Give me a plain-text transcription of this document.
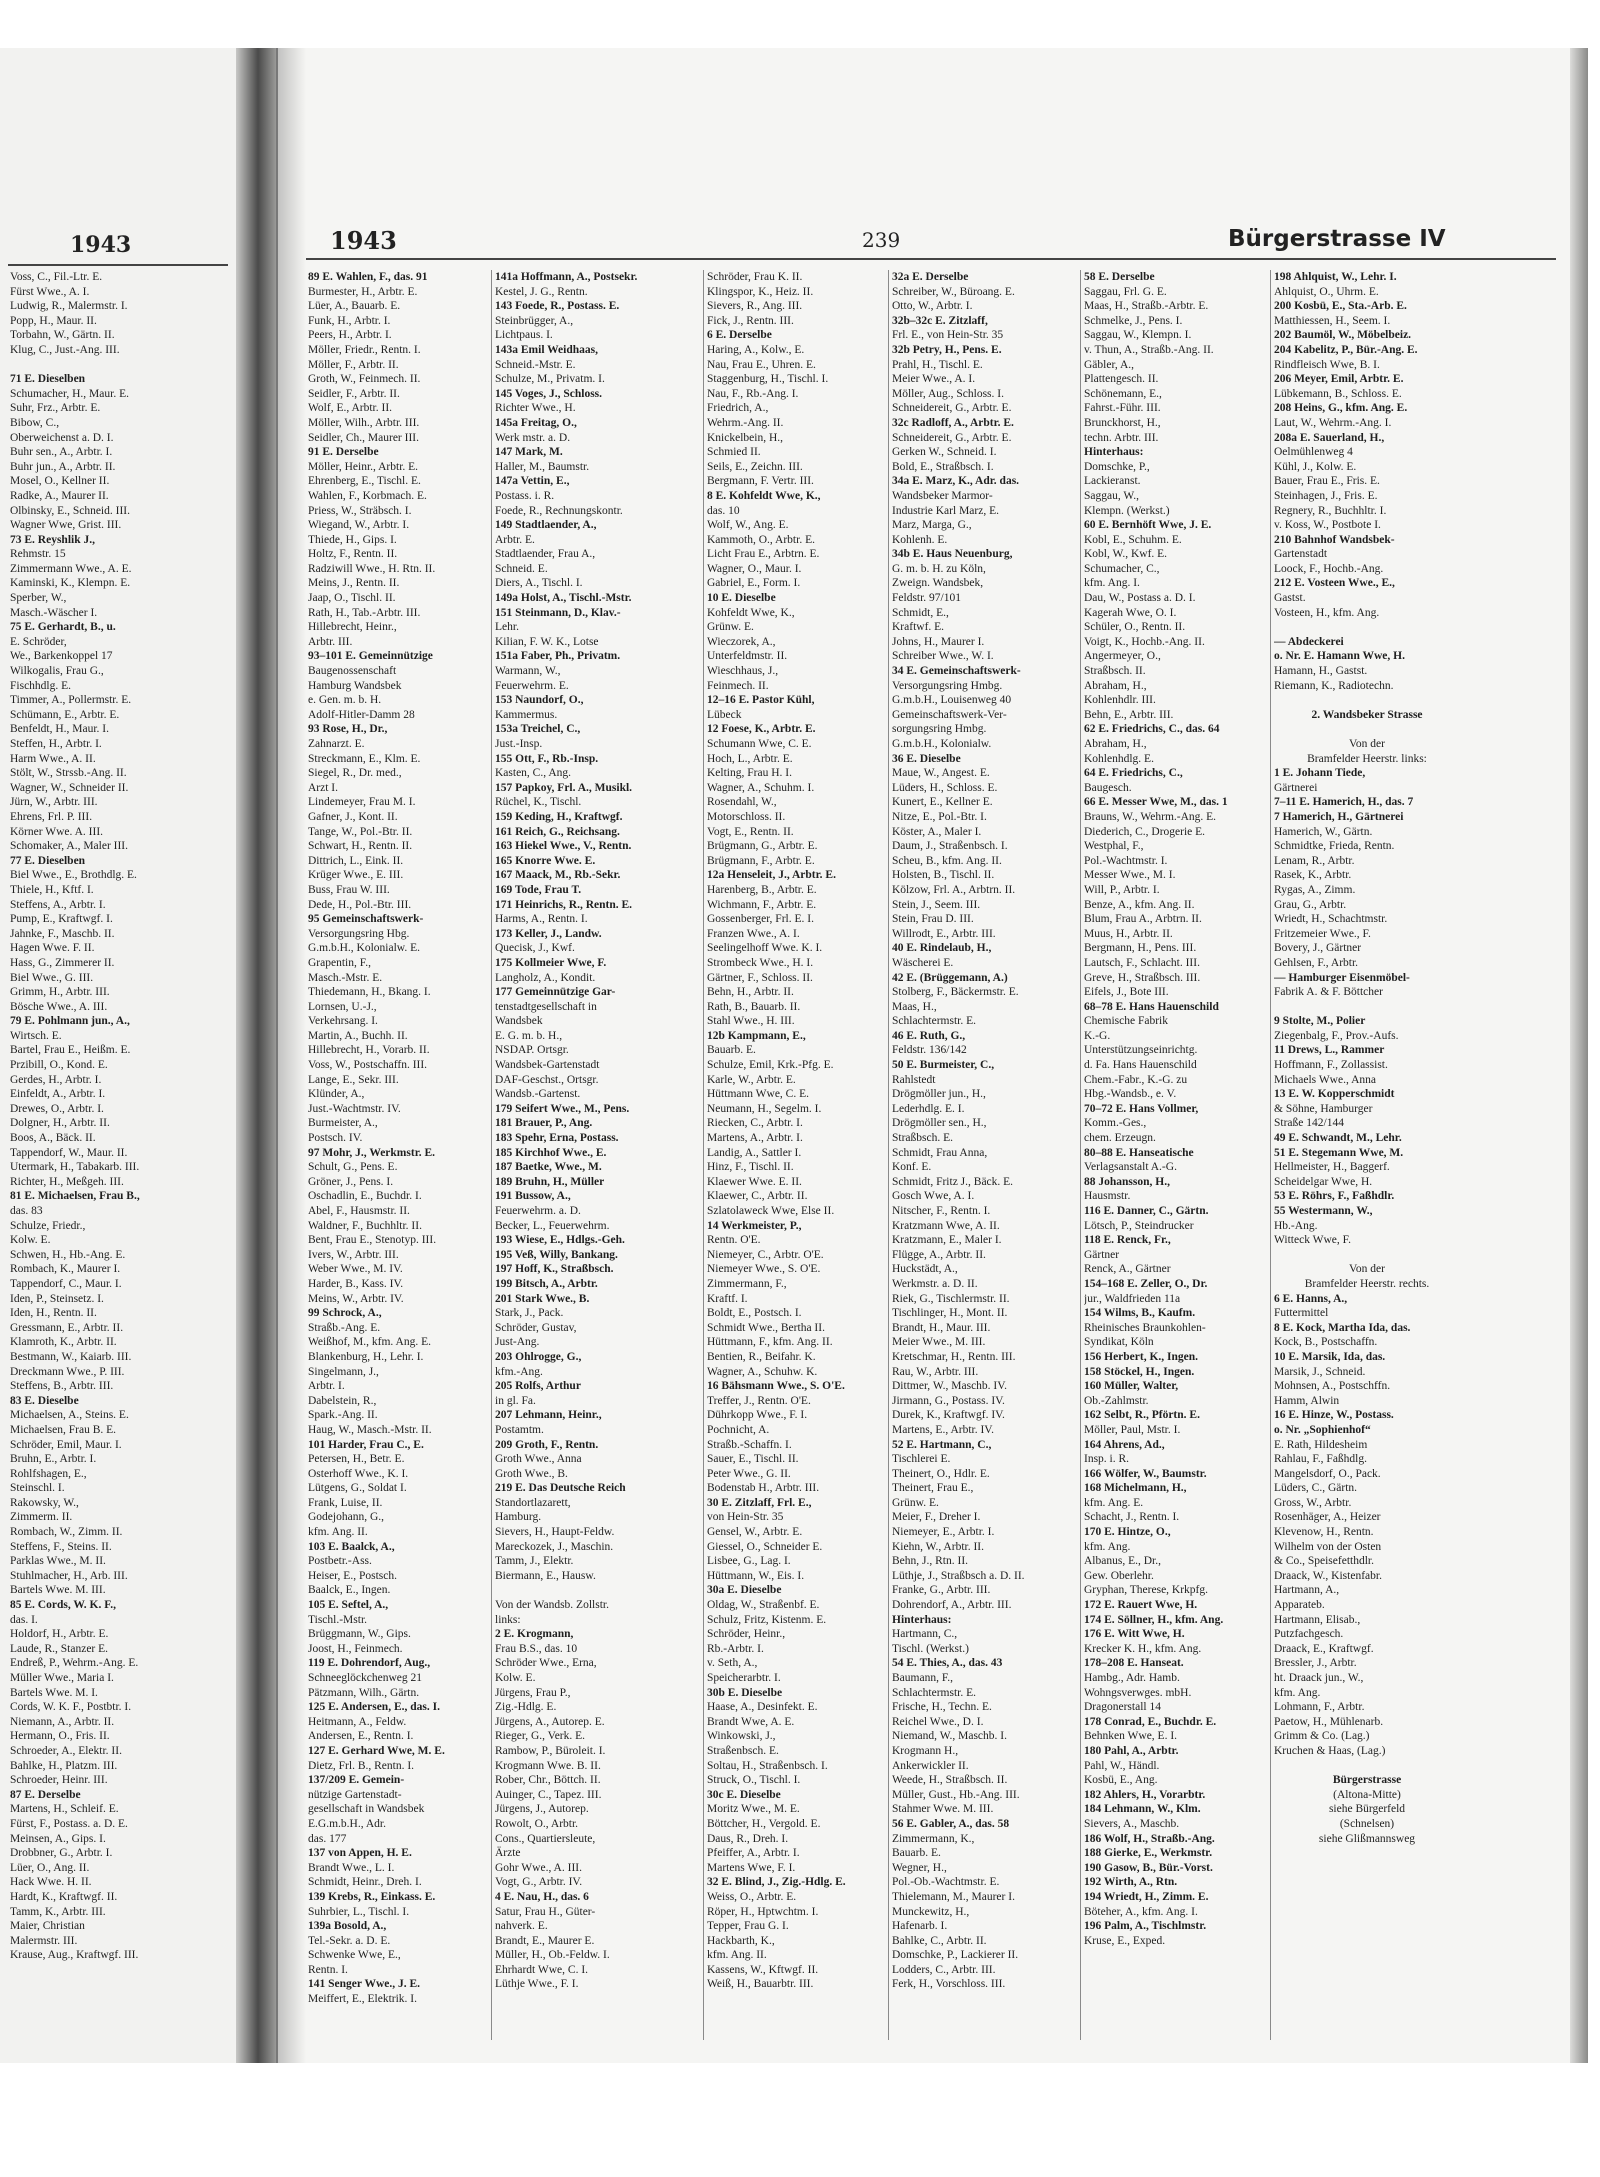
1943
Voss, C., Fil.-Ltr. E.
Fürst Wwe., A. I.
Ludwig, R., Malermstr. I.
Popp, H., Maur. II.
Torbahn, W., Gärtn. II.
Klug, C., Just.-Ang. III.

71 E. Dieselben
Schumacher, H., Maur. E.
Suhr, Frz., Arbtr. E.
Bibow, C.,
Oberweichenst a. D. I.
Buhr sen., A., Arbtr. I.
Buhr jun., A., Arbtr. II.
Mosel, O., Kellner II.
Radke, A., Maurer II.
Olbinsky, E., Schneid. III.
Wagner Wwe, Grist. III.
73 E. Reyshlik J.,
Rehmstr. 15
Zimmermann Wwe., A. E.
Kaminski, K., Klempn. E.
Sperber, W.,
Masch.-Wäscher I.
75 E. Gerhardt, B., u.
E. Schröder,
We., Barkenkoppel 17
Wilkogalis, Frau G.,
Fischhdlg. E.
Timmer, A., Pollermstr. E.
Schümann, E., Arbtr. E.
Benfeldt, H., Maur. I.
Steffen, H., Arbtr. I.
Harm Wwe., A. II.
Stölt, W., Strssb.-Ang. II.
Wagner, W., Schneider II.
Jürn, W., Arbtr. III.
Ehrens, Frl. P. III.
Körner Wwe. A. III.
Schomaker, A., Maler III.
77 E. Dieselben
Biel Wwe., E., Brothdlg. E.
Thiele, H., Kftf. I.
Steffens, A., Arbtr. I.
Pump, E., Kraftwgf. I.
Jahnke, F., Maschb. II.
Hagen Wwe. F. II.
Hass, G., Zimmerer II.
Biel Wwe., G. III.
Grimm, H., Arbtr. III.
Bösche Wwe., A. III.
79 E. Pohlmann jun., A.,
Wirtsch. E.
Bartel, Frau E., Heißm. E.
Przibill, O., Kond. E.
Gerdes, H., Arbtr. I.
Einfeldt, A., Arbtr. I.
Drewes, O., Arbtr. I.
Dolgner, H., Arbtr. II.
Boos, A., Bäck. II.
Tappendorf, W., Maur. II.
Utermark, H., Tabakarb. III.
Richter, H., Meßgeh. III.
81 E. Michaelsen, Frau B.,
das. 83
Schulze, Friedr.,
Kolw. E.
Schwen, H., Hb.-Ang. E.
Rombach, K., Maurer I.
Tappendorf, C., Maur. I.
Iden, P., Steinsetz. I.
Iden, H., Rentn. II.
Gressmann, E., Arbtr. II.
Klamroth, K., Arbtr. II.
Bestmann, W., Kaiarb. III.
Dreckmann Wwe., P. III.
Steffens, B., Arbtr. III.
83 E. Dieselbe
Michaelsen, A., Steins. E.
Michaelsen, Frau B. E.
Schröder, Emil, Maur. I.
Bruhn, E., Arbtr. I.
Rohlfshagen, E.,
Steinschl. I.
Rakowsky, W.,
Zimmerm. II.
Rombach, W., Zimm. II.
Steffens, F., Steins. II.
Parklas Wwe., M. II.
Stuhlmacher, H., Arb. III.
Bartels Wwe. M. III.
85 E. Cords, W. K. F.,
das. I.
Holdorf, H., Arbtr. E.
Laude, R., Stanzer E.
Endreß, P., Wehrm.-Ang. E.
Müller Wwe., Maria I.
Bartels Wwe. M. I.
Cords, W. K. F., Postbtr. I.
Niemann, A., Arbtr. II.
Hermann, O., Fris. II.
Schroeder, A., Elektr. II.
Bahlke, H., Platzm. III.
Schroeder, Heinr. III.
87 E. Derselbe
Martens, H., Schleif. E.
Fürst, F., Postass. a. D. E.
Meinsen, A., Gips. I.
Drobbner, G., Arbtr. I.
Lüer, O., Ang. II.
Hack Wwe. H. II.
Hardt, K., Kraftwgf. II.
Tamm, K., Arbtr. III.
Maier, Christian
Malermstr. III.
Krause, Aug., Kraftwgf. III.
1943	239	Bürgerstrasse IV
89 E. Wahlen, F., das. 91
Burmester, H., Arbtr. E.
Lüer, A., Bauarb. E.
Funk, H., Arbtr. I.
Peers, H., Arbtr. I.
Möller, Friedr., Rentn. I.
Möller, F., Arbtr. II.
Groth, W., Feinmech. II.
Seidler, F., Arbtr. II.
Wolf, E., Arbtr. II.
Möller, Wilh., Arbtr. III.
Seidler, Ch., Maurer III.
91 E. Derselbe
Möller, Heinr., Arbtr. E.
Ehrenberg, E., Tischl. E.
Wahlen, F., Korbmach. E.
Priess, W., Sträbsch. I.
Wiegand, W., Arbtr. I.
Thiede, H., Gips. I.
Holtz, F., Rentn. II.
Radziwill Wwe., H. Rtn. II.
Meins, J., Rentn. II.
Jaap, O., Tischl. II.
Rath, H., Tab.-Arbtr. III.
Hillebrecht, Heinr.,
Arbtr. III.
93–101 E. Gemeinnützige
Baugenossenschaft
Hamburg Wandsbek
e. Gen. m. b. H.
Adolf-Hitler-Damm 28
93 Rose, H., Dr.,
Zahnarzt. E.
Streckmann, E., Klm. E.
Siegel, R., Dr. med.,
Arzt I.
Lindemeyer, Frau M. I.
Gafner, J., Kont. II.
Tange, W., Pol.-Btr. II.
Schwart, H., Rentn. II.
Dittrich, L., Eink. II.
Krüger Wwe., E. III.
Buss, Frau W. III.
Dede, H., Pol.-Btr. III.
95 Gemeinschaftswerk-
Versorgungsring Hbg.
G.m.b.H., Kolonialw. E.
Grapentin, F.,
Masch.-Mstr. E.
Thiedemann, H., Bkang. I.
Lornsen, U.-J.,
Verkehrsang. I.
Martin, A., Buchh. II.
Hillebrecht, H., Vorarb. II.
Voss, W., Postschaffn. III.
Lange, E., Sekr. III.
Klünder, A.,
Just.-Wachtmstr. IV.
Burmeister, A.,
Postsch. IV.
97 Mohr, J., Werkmstr. E.
Schult, G., Pens. E.
Gröner, J., Pens. I.
Oschadlin, E., Buchdr. I.
Abel, F., Hausmstr. II.
Waldner, F., Buchhltr. II.
Bent, Frau E., Stenotyp. III.
Ivers, W., Arbtr. III.
Weber Wwe., M. IV.
Harder, B., Kass. IV.
Meins, W., Arbtr. IV.
99 Schrock, A.,
Straßb.-Ang. E.
Weißhof, M., kfm. Ang. E.
Blankenburg, H., Lehr. I.
Singelmann, J.,
Arbtr. I.
Dabelstein, R.,
Spark.-Ang. II.
Haug, W., Masch.-Mstr. II.
101 Harder, Frau C., E.
Petersen, H., Betr. E.
Osterhoff Wwe., K. I.
Lütgens, G., Soldat I.
Frank, Luise, II.
Godejohann, G.,
kfm. Ang. II.
103 E. Baalck, A.,
Postbetr.-Ass.
Heiser, E., Postsch.
Baalck, E., Ingen.
105 E. Seftel, A.,
Tischl.-Mstr.
Brüggmann, W., Gips.
Joost, H., Feinmech.
119 E. Dohrendorf, Aug.,
Schneeglöckchenweg 21
Pätzmann, Wilh., Gärtn.
125 E. Andersen, E., das. I.
Heitmann, A., Feldw.
Andersen, E., Rentn. I.
127 E. Gerhard Wwe, M. E.
Dietz, Frl. B., Rentn. I.
137/209 E. Gemein-
nützige Gartenstadt-
gesellschaft in Wandsbek
E.G.m.b.H., Adr.
das. 177
137 von Appen, H. E.
Brandt Wwe., L. I.
Schmidt, Heinr., Dreh. I.
139 Krebs, R., Einkass. E.
Suhrbier, L., Tischl. I.
139a Bosold, A.,
Tel.-Sekr. a. D. E.
Schwenke Wwe, E.,
Rentn. I.
141 Senger Wwe., J. E.
Meiffert, E., Elektrik. I.
141a Hoffmann, A., Postsekr.
Kestel, J. G., Rentn.
143 Foede, R., Postass. E.
Steinbrügger, A.,
Lichtpaus. I.
143a Emil Weidhaas,
Schneid.-Mstr. E.
Schulze, M., Privatm. I.
145 Voges, J., Schloss.
Richter Wwe., H.
145a Freitag, O.,
Werk mstr. a. D.
147 Mark, M.
Haller, M., Baumstr.
147a Vettin, E.,
Postass. i. R.
Foede, R., Rechnungskontr.
149 Stadtlaender, A.,
Arbtr. E.
Stadtlaender, Frau A.,
Schneid. E.
Diers, A., Tischl. I.
149a Holst, A., Tischl.-Mstr.
151 Steinmann, D., Klav.-
Lehr.
Kilian, F. W. K., Lotse
151a Faber, Ph., Privatm.
Warmann, W.,
Feuerwehrm. E.
153 Naundorf, O.,
Kammermus.
153a Treichel, C.,
Just.-Insp.
155 Ott, F., Rb.-Insp.
Kasten, C., Ang.
157 Papkoy, Frl. A., Musikl.
Rüchel, K., Tischl.
159 Keding, H., Kraftwgf.
161 Reich, G., Reichsang.
163 Hiekel Wwe., V., Rentn.
165 Knorre Wwe. E.
167 Maack, M., Rb.-Sekr.
169 Tode, Frau T.
171 Heinrichs, R., Rentn. E.
Harms, A., Rentn. I.
173 Keller, J., Landw.
Quecisk, J., Kwf.
175 Kollmeier Wwe, F.
Langholz, A., Kondit.
177 Gemeinnützige Gar-
tenstadtgesellschaft in
Wandsbek
E. G. m. b. H.,
NSDAP. Ortsgr.
Wandsbek-Gartenstadt
DAF-Geschst., Ortsgr.
Wandsb.-Gartenst.
179 Seifert Wwe., M., Pens.
181 Brauer, P., Ang.
183 Spehr, Erna, Postass.
185 Kirchhof Wwe., E.
187 Baetke, Wwe., M.
189 Bruhn, H., Müller
191 Bussow, A.,
Feuerwehrm. a. D.
Becker, L., Feuerwehrm.
193 Wiese, E., Hdlgs.-Geh.
195 Veß, Willy, Bankang.
197 Hoff, K., Straßbsch.
199 Bitsch, A., Arbtr.
201 Stark Wwe., B.
Stark, J., Pack.
Schröder, Gustav,
Just-Ang.
203 Ohlrogge, G.,
kfm.-Ang.
205 Rolfs, Arthur
in gl. Fa.
207 Lehmann, Heinr.,
Postamtm.
209 Groth, F., Rentn.
Groth Wwe., Anna
Groth Wwe., B.
219 E. Das Deutsche Reich
Standortlazarett,
Hamburg.
Sievers, H., Haupt-Feldw.
Mareckozek, J., Maschin.
Tamm, J., Elektr.
Biermann, E., Hausw.

Von der Wandsb. Zollstr.
links:
2 E. Krogmann,
Frau B.S., das. 10
Schröder Wwe., Erna,
Kolw. E.
Jürgens, Frau P.,
Zig.-Hdlg. E.
Jürgens, A., Autorep. E.
Rieger, G., Verk. E.
Rambow, P., Büroleit. I.
Krogmann Wwe. B. II.
Rober, Chr., Böttch. II.
Auinger, C., Tapez. III.
Jürgens, J., Autorep.
Rowolt, O., Arbtr.
Cons., Quartiersleute,
Ärzte
Gohr Wwe., A. III.
Vogt, G., Arbtr. IV.
4 E. Nau, H., das. 6
Satur, Frau H., Güter-
nahverk. E.
Brandt, E., Maurer E.
Müller, H., Ob.-Feldw. I.
Ehrhardt Wwe, C. I.
Lüthje Wwe., F. I.
Schröder, Frau K. II.
Klingspor, K., Heiz. II.
Sievers, R., Ang. III.
Fick, J., Rentn. III.
6 E. Derselbe
Haring, A., Kolw., E.
Nau, Frau E., Uhren. E.
Staggenburg, H., Tischl. I.
Nau, F., Rb.-Ang. I.
Friedrich, A.,
Wehrm.-Ang. II.
Knickelbein, H.,
Schmied II.
Seils, E., Zeichn. III.
Bergmann, F. Vertr. III.
8 E. Kohfeldt Wwe, K.,
das. 10
Wolf, W., Ang. E.
Kammoth, O., Arbtr. E.
Licht Frau E., Arbtrn. E.
Wagner, O., Maur. I.
Gabriel, E., Form. I.
10 E. Dieselbe
Kohfeldt Wwe, K.,
Grünw. E.
Wieczorek, A.,
Unterfeldmstr. II.
Wieschhaus, J.,
Feinmech. II.
12–16 E. Pastor Kühl,
Lübeck
12 Foese, K., Arbtr. E.
Schumann Wwe, C. E.
Hoch, L., Arbtr. E.
Kelting, Frau H. I.
Wagner, A., Schuhm. I.
Rosendahl, W.,
Motorschloss. II.
Vogt, E., Rentn. II.
Brügmann, G., Arbtr. E.
Brügmann, F., Arbtr. E.
12a Henseleit, J., Arbtr. E.
Harenberg, B., Arbtr. E.
Wichmann, F., Arbtr. E.
Gossenberger, Frl. E. I.
Franzen Wwe., A. I.
Seelingelhoff Wwe. K. I.
Strombeck Wwe., H. I.
Gärtner, F., Schloss. II.
Behn, H., Arbtr. II.
Rath, B., Bauarb. II.
Stahl Wwe., H. III.
12b Kampmann, E.,
Bauarb. E.
Schulze, Emil, Krk.-Pfg. E.
Karle, W., Arbtr. E.
Hüttmann Wwe, C. E.
Neumann, H., Segelm. I.
Riecken, C., Arbtr. I.
Martens, A., Arbtr. I.
Landig, A., Sattler I.
Hinz, F., Tischl. II.
Klaewer Wwe. E. II.
Klaewer, C., Arbtr. II.
Szlatolaweck Wwe, Else II.
14 Werkmeister, P.,
Rentn. O'E.
Niemeyer, C., Arbtr. O'E.
Niemeyer Wwe., S. O'E.
Zimmermann, F.,
Kraftf. I.
Boldt, E., Postsch. I.
Schmidt Wwe., Bertha II.
Hüttmann, F., kfm. Ang. II.
Bentien, R., Beifahr. K.
Wagner, A., Schuhw. K.
16 Bähsmann Wwe., S. O'E.
Treffer, J., Rentn. O'E.
Dührkopp Wwe., F. I.
Pochnicht, A.
Straßb.-Schaffn. I.
Sauer, E., Tischl. II.
Peter Wwe., G. II.
Bodenstab H., Arbtr. III.
30 E. Zitzlaff, Frl. E.,
von Hein-Str. 35
Gensel, W., Arbtr. E.
Giessel, O., Schneider E.
Lisbee, G., Lag. I.
Hüttmann, W., Eis. I.
30a E. Dieselbe
Oldag, W., Straßenbf. E.
Schulz, Fritz, Kistenm. E.
Schröder, Heinr.,
Rb.-Arbtr. I.
v. Seth, A.,
Speicherarbtr. I.
30b E. Dieselbe
Haase, A., Desinfekt. E.
Brandt Wwe, A. E.
Winkowski, J.,
Straßenbsch. E.
Soltau, H., Straßenbsch. I.
Struck, O., Tischl. I.
30c E. Dieselbe
Moritz Wwe., M. E.
Böttcher, H., Vergold. E.
Daus, R., Dreh. I.
Pfeiffer, A., Arbtr. I.
Martens Wwe, F. I.
32 E. Blind, J., Zig.-Hdlg. E.
Weiss, O., Arbtr. E.
Röper, H., Hptwchtm. I.
Tepper, Frau G. I.
Hackbarth, K.,
kfm. Ang. II.
Kassens, W., Kftwgf. II.
Weiß, H., Bauarbtr. III.
32a E. Derselbe
Schreiber, W., Büroang. E.
Otto, W., Arbtr. I.
32b–32c E. Zitzlaff,
Frl. E., von Hein-Str. 35
32b Petry, H., Pens. E.
Prahl, H., Tischl. E.
Meier Wwe., A. I.
Möller, Aug., Schloss. I.
Schneidereit, G., Arbtr. E.
32c Radloff, A., Arbtr. E.
Schneidereit, G., Arbtr. E.
Gerken W., Schneid. I.
Bold, E., Straßbsch. I.
34a E. Marz, K., Adr. das.
Wandsbeker Marmor-
Industrie Karl Marz, E.
Marz, Marga, G.,
Kohlenh. E.
34b E. Haus Neuenburg,
G. m. b. H. zu Köln,
Zweign. Wandsbek,
Feldstr. 97/101
Schmidt, E.,
Kraftwf. E.
Johns, H., Maurer I.
Schreiber Wwe., W. I.
34 E. Gemeinschaftswerk-
Versorgungsring Hmbg.
G.m.b.H., Louisenweg 40
Gemeinschaftswerk-Ver-
sorgungsring Hmbg.
G.m.b.H., Kolonialw.
36 E. Dieselbe
Maue, W., Angest. E.
Lüders, H., Schloss. E.
Kunert, E., Kellner E.
Nitze, E., Pol.-Btr. I.
Köster, A., Maler I.
Daum, J., Straßenbsch. I.
Scheu, B., kfm. Ang. II.
Holsten, B., Tischl. II.
Kölzow, Frl. A., Arbtrn. II.
Stein, J., Seem. III.
Stein, Frau D. III.
Willrodt, E., Arbtr. III.
40 E. Rindelaub, H.,
Wäscherei E.
42 E. (Brüggemann, A.)
Stolberg, F., Bäckermstr. E.
Maas, H.,
Schlachtermstr. E.
46 E. Ruth, G.,
Feldstr. 136/142
50 E. Burmeister, C.,
Rahlstedt
Drögmöller jun., H.,
Lederhdlg. E. I.
Drögmöller sen., H.,
Straßbsch. E.
Schmidt, Frau Anna,
Konf. E.
Schmidt, Fritz J., Bäck. E.
Gosch Wwe, A. I.
Nitscher, F., Rentn. I.
Kratzmann Wwe, A. II.
Kratzmann, E., Maler I.
Flügge, A., Arbtr. II.
Huckstädt, A.,
Werkmstr. a. D. II.
Riek, G., Tischlermstr. II.
Tischlinger, H., Mont. II.
Brandt, H., Maur. III.
Meier Wwe., M. III.
Kretschmar, H., Rentn. III.
Rau, W., Arbtr. III.
Dittmer, W., Maschb. IV.
Jirmann, G., Postass. IV.
Durek, K., Kraftwgf. IV.
Martens, E., Arbtr. IV.
52 E. Hartmann, C.,
Tischlerei E.
Theinert, O., Hdlr. E.
Theinert, Frau E.,
Grünw. E.
Meier, F., Dreher I.
Niemeyer, E., Arbtr. I.
Kiehn, W., Arbtr. II.
Behn, J., Rtn. II.
Lüthje, J., Straßbsch a. D. II.
Franke, G., Arbtr. III.
Dohrendorf, A., Arbtr. III.
Hinterhaus:
Hartmann, C.,
Tischl. (Werkst.)
54 E. Thies, A., das. 43
Baumann, F.,
Schlachtermstr. E.
Frische, H., Techn. E.
Reichel Wwe., D. I.
Niemand, W., Maschb. I.
Krogmann H.,
Ankerwickler II.
Weede, H., Straßbsch. II.
Müller, Gust., Hb.-Ang. III.
Stahmer Wwe. M. III.
56 E. Gabler, A., das. 58
Zimmermann, K.,
Bauarb. E.
Wegner, H.,
Pol.-Ob.-Wachtmstr. E.
Thielemann, M., Maurer I.
Munckewitz, H.,
Hafenarb. I.
Bahlke, C., Arbtr. II.
Domschke, P., Lackierer II.
Lodders, C., Arbtr. III.
Ferk, H., Vorschloss. III.
58 E. Derselbe
Saggau, Frl. G. E.
Maas, H., Straßb.-Arbtr. E.
Schmelke, J., Pens. I.
Saggau, W., Klempn. I.
v. Thun, A., Straßb.-Ang. II.
Gäbler, A.,
Plattengesch. II.
Schönemann, E.,
Fahrst.-Führ. III.
Brunckhorst, H.,
techn. Arbtr. III.
Hinterhaus:
Domschke, P.,
Lackieranst.
Saggau, W.,
Klempn. (Werkst.)
60 E. Bernhöft Wwe, J. E.
Kobl, E., Schuhm. E.
Kobl, W., Kwf. E.
Schumacher, C.,
kfm. Ang. I.
Dau, W., Postass a. D. I.
Kagerah Wwe, O. I.
Schüler, O., Rentn. II.
Voigt, K., Hochb.-Ang. II.
Angermeyer, O.,
Straßbsch. II.
Abraham, H.,
Kohlenhdlr. III.
Behn, E., Arbtr. III.
62 E. Friedrichs, C., das. 64
Abraham, H.,
Kohlenhdlg. E.
64 E. Friedrichs, C.,
Baugesch.
66 E. Messer Wwe, M., das. 1
Brauns, W., Wehrm.-Ang. E.
Diederich, C., Drogerie E.
Westphal, F.,
Pol.-Wachtmstr. I.
Messer Wwe., M. I.
Will, P., Arbtr. I.
Benze, A., kfm. Ang. II.
Blum, Frau A., Arbtrn. II.
Muus, H., Arbtr. II.
Bergmann, H., Pens. III.
Lautsch, F., Schlacht. III.
Greve, H., Straßbsch. III.
Eifels, J., Bote III.
68–78 E. Hans Hauenschild
Chemische Fabrik
K.-G.
Unterstützungseinrichtg.
d. Fa. Hans Hauenschild
Chem.-Fabr., K.-G. zu
Hbg.-Wandsb., e. V.
70–72 E. Hans Vollmer,
Komm.-Ges.,
chem. Erzeugn.
80–88 E. Hanseatische
Verlagsanstalt A.-G.
88 Johansson, H.,
Hausmstr.
116 E. Danner, C., Gärtn.
Lötsch, P., Steindrucker
118 E. Renck, Fr.,
Gärtner
Renck, A., Gärtner
154–168 E. Zeller, O., Dr.
jur., Waldfrieden 11a
154 Wilms, B., Kaufm.
Rheinisches Braunkohlen-
Syndikat, Köln
156 Herbert, K., Ingen.
158 Stöckel, H., Ingen.
160 Müller, Walter,
Ob.-Zahlmstr.
162 Selbt, R., Pförtn. E.
Möller, Paul, Mstr. I.
164 Ahrens, Ad.,
Insp. i. R.
166 Wölfer, W., Baumstr.
168 Michelmann, H.,
kfm. Ang. E.
Schacht, J., Rentn. I.
170 E. Hintze, O.,
kfm. Ang.
Albanus, E., Dr.,
Gew. Oberlehr.
Gryphan, Therese, Krkpfg.
172 E. Rauert Wwe, H.
174 E. Söllner, H., kfm. Ang.
176 E. Witt Wwe, H.
Krecker K. H., kfm. Ang.
178–208 E. Hanseat.
Hambg., Adr. Hamb.
Wohngsverwges. mbH.
Dragonerstall 14
178 Conrad, E., Buchdr. E.
Behnken Wwe, E. I.
180 Pahl, A., Arbtr.
Pahl, W., Händl.
Kosbü, E., Ang.
182 Ahlers, H., Vorarbtr.
184 Lehmann, W., Klm.
Sievers, A., Maschb.
186 Wolf, H., Straßb.-Ang.
188 Gierke, E., Werkmstr.
190 Gasow, B., Bür.-Vorst.
192 Wirth, A., Rtn.
194 Wriedt, H., Zimm. E.
Böteher, A., kfm. Ang. I.
196 Palm, A., Tischlmstr.
Kruse, E., Exped.
198 Ahlquist, W., Lehr. I.
Ahlquist, O., Uhrm. E.
200 Kosbü, E., Sta.-Arb. E.
Matthiessen, H., Seem. I.
202 Baumöl, W., Möbelbeiz.
204 Kabelitz, P., Bür.-Ang. E.
Rindfleisch Wwe, B. I.
206 Meyer, Emil, Arbtr. E.
Lübkemann, B., Schloss. E.
208 Heins, G., kfm. Ang. E.
Laut, W., Wehrm.-Ang. I.
208a E. Sauerland, H.,
Oelmühlenweg 4
Kühl, J., Kolw. E.
Bauer, Frau E., Fris. E.
Steinhagen, J., Fris. E.
Regnery, R., Buchhltr. I.
v. Koss, W., Postbote I.
210 Bahnhof Wandsbek-
Gartenstadt
Loock, F., Hochb.-Ang.
212 E. Vosteen Wwe., E.,
Gastst.
Vosteen, H., kfm. Ang.

— Abdeckerei
o. Nr. E. Hamann Wwe, H.
Hamann, H., Gastst.
Riemann, K., Radiotechn.

2. Wandsbeker Strasse

Von der
Bramfelder Heerstr. links:
1 E. Johann Tiede,
Gärtnerei
7–11 E. Hamerich, H., das. 7
7 Hamerich, H., Gärtnerei
Hamerich, W., Gärtn.
Schmidtke, Frieda, Rentn.
Lenam, R., Arbtr.
Rasek, K., Arbtr.
Rygas, A., Zimm.
Grau, G., Arbtr.
Wriedt, H., Schachtmstr.
Fritzemeier Wwe., F.
Bovery, J., Gärtner
Gehlsen, F., Arbtr.
— Hamburger Eisenmöbel-
Fabrik A. & F. Böttcher

9 Stolte, M., Polier
Ziegenbalg, F., Prov.-Aufs.
11 Drews, L., Rammer
Hoffmann, F., Zollassist.
Michaels Wwe., Anna
13 E. W. Kopperschmidt
& Söhne, Hamburger
Straße 142/144
49 E. Schwandt, M., Lehr.
51 E. Stegemann Wwe, M.
Hellmeister, H., Baggerf.
Scheidelgar Wwe, H.
53 E. Röhrs, F., Faßhdlr.
55 Westermann, W.,
Hb.-Ang.
Witteck Wwe, F.

Von der
Bramfelder Heerstr. rechts.
6 E. Hanns, A.,
Futtermittel
8 E. Kock, Martha Ida, das.
Kock, B., Postschaffn.
10 E. Marsik, Ida, das.
Marsik, J., Schneid.
Mohnsen, A., Postschffn.
Hamm, Alwin
16 E. Hinze, W., Postass.
o. Nr. „Sophienhof“
E. Rath, Hildesheim
Rahlau, F., Faßhdlg.
Mangelsdorf, O., Pack.
Lüders, C., Gärtn.
Gross, W., Arbtr.
Rosenhäger, A., Heizer
Klevenow, H., Rentn.
Wilhelm von der Osten
& Co., Speisefetthdlr.
Draack, W., Kistenfabr.
Hartmann, A.,
Apparateb.
Hartmann, Elisab.,
Putzfachgesch.
Draack, E., Kraftwgf.
Bressler, J., Arbtr.
ht. Draack jun., W.,
kfm. Ang.
Lohmann, F., Arbtr.
Paetow, H., Mühlenarb.
Grimm & Co. (Lag.)
Kruchen & Haas, (Lag.)

Bürgerstrasse
(Altona-Mitte)
siehe Bürgerfeld
(Schnelsen)
siehe Glißmannsweg
